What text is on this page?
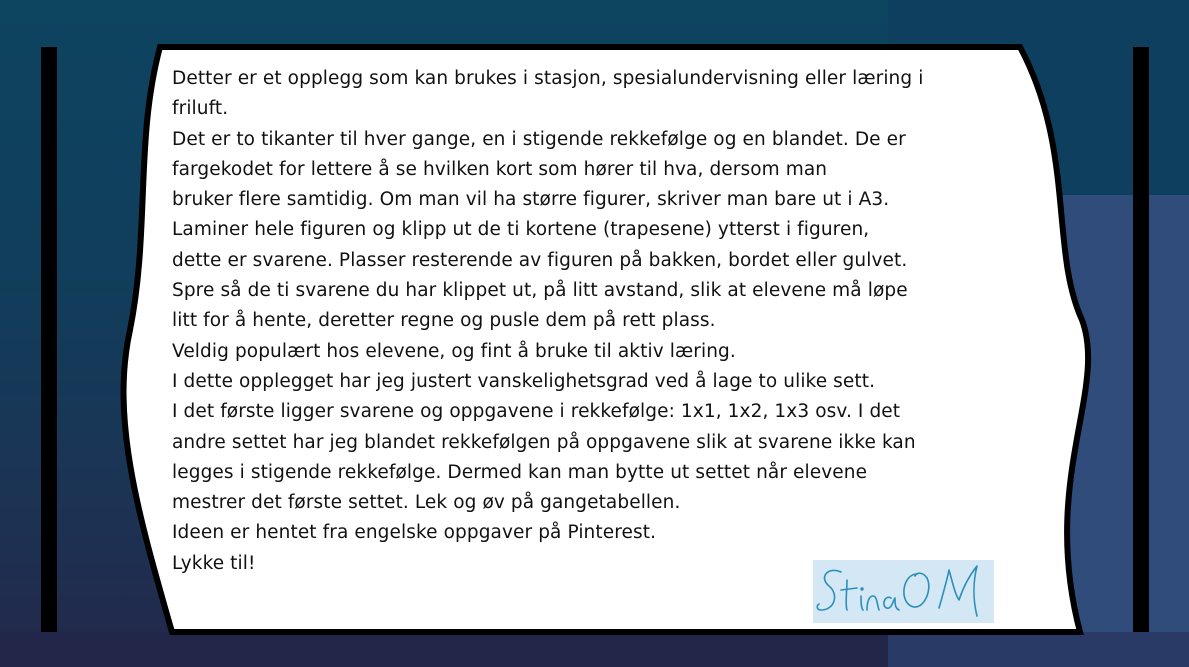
Detter er et opplegg som kan brukes i stasjon, spesialundervisning eller læring i

friluft.

Det er to tikanter til hver gange, en i stigende rekkefølge og en blandet. De er

fargekodet for lettere å se hvilken kort som hører til hva, dersom man

bruker flere samtidig. Om man vil ha større figurer, skriver man bare ut i A3.

Laminer hele figuren og klipp ut de ti kortene (trapesene) ytterst i figuren,

dette er svarene. Plasser resterende av figuren på bakken, bordet eller gulvet.

Spre så de ti svarene du har klippet ut, på litt avstand, slik at elevene må løpe

litt for å hente, deretter regne og pusle dem på rett plass.

Veldig populært hos elevene, og fint å bruke til aktiv læring.

I dette opplegget har jeg justert vanskelighetsgrad ved å lage to ulike sett.

I det første ligger svarene og oppgavene i rekkefølge: 1x1, 1x2, 1x3 osv. I det

andre settet har jeg blandet rekkefølgen på oppgavene slik at svarene ikke kan

legges i stigende rekkefølge. Dermed kan man bytte ut settet når elevene

mestrer det første settet. Lek og øv på gangetabellen.

Ideen er hentet fra engelske oppgaver på Pinterest.

Lykke til!
